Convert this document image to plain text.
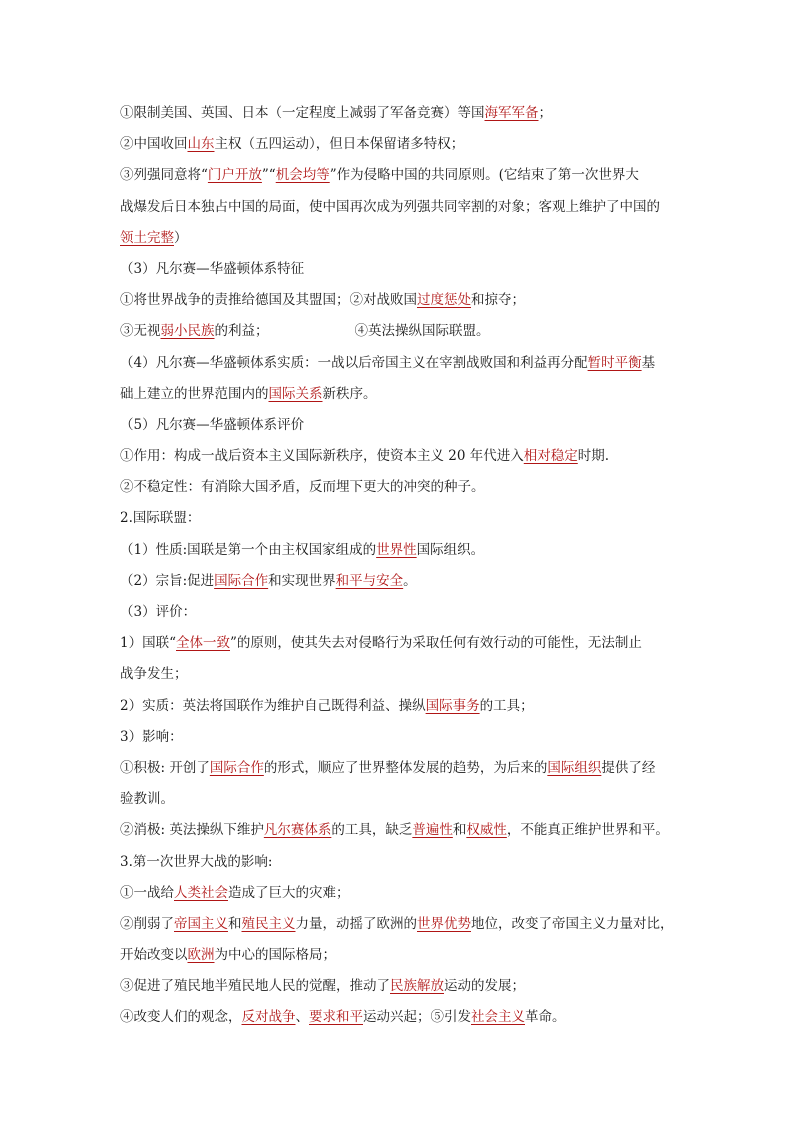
①限制美国、英国、日本（一定程度上减弱了军备竞赛）等国海军军备；
②中国收回山东主权（五四运动），但日本保留诸多特权；
③列强同意将“门户开放”“机会均等”作为侵略中国的共同原则。(它结束了第一次世界大
战爆发后日本独占中国的局面，使中国再次成为列强共同宰割的对象；客观上维护了中国的
领土完整）
（3）凡尔赛—华盛顿体系特征
①将世界战争的责推给德国及其盟国；②对战败国过度惩处和掠夺；
③无视弱小民族的利益；	④英法操纵国际联盟。
（4）凡尔赛—华盛顿体系实质：一战以后帝国主义在宰割战败国和利益再分配暂时平衡基
础上建立的世界范围内的国际关系新秩序。
（5）凡尔赛—华盛顿体系评价
①作用：构成一战后资本主义国际新秩序，使资本主义 20 年代进入相对稳定时期.
②不稳定性：有消除大国矛盾，反而埋下更大的冲突的种子。
2.国际联盟：
（1）性质:国联是第一个由主权国家组成的世界性国际组织。
（2）宗旨:促进国际合作和实现世界和平与安全。
（3）评价：
1）国联“全体一致”的原则，使其失去对侵略行为采取任何有效行动的可能性，无法制止
战争发生；
2）实质：英法将国联作为维护自己既得利益、操纵国际事务的工具；
3）影响：
①积极: 开创了国际合作的形式，顺应了世界整体发展的趋势，为后来的国际组织提供了经
验教训。
②消极: 英法操纵下维护凡尔赛体系的工具，缺乏普遍性和权威性，不能真正维护世界和平。
3.第一次世界大战的影响:
①一战给人类社会造成了巨大的灾难；
②削弱了帝国主义和殖民主义力量，动摇了欧洲的世界优势地位，改变了帝国主义力量对比，
开始改变以欧洲为中心的国际格局；
③促进了殖民地半殖民地人民的觉醒，推动了民族解放运动的发展；
④改变人们的观念，反对战争、要求和平运动兴起；⑤引发社会主义革命。
